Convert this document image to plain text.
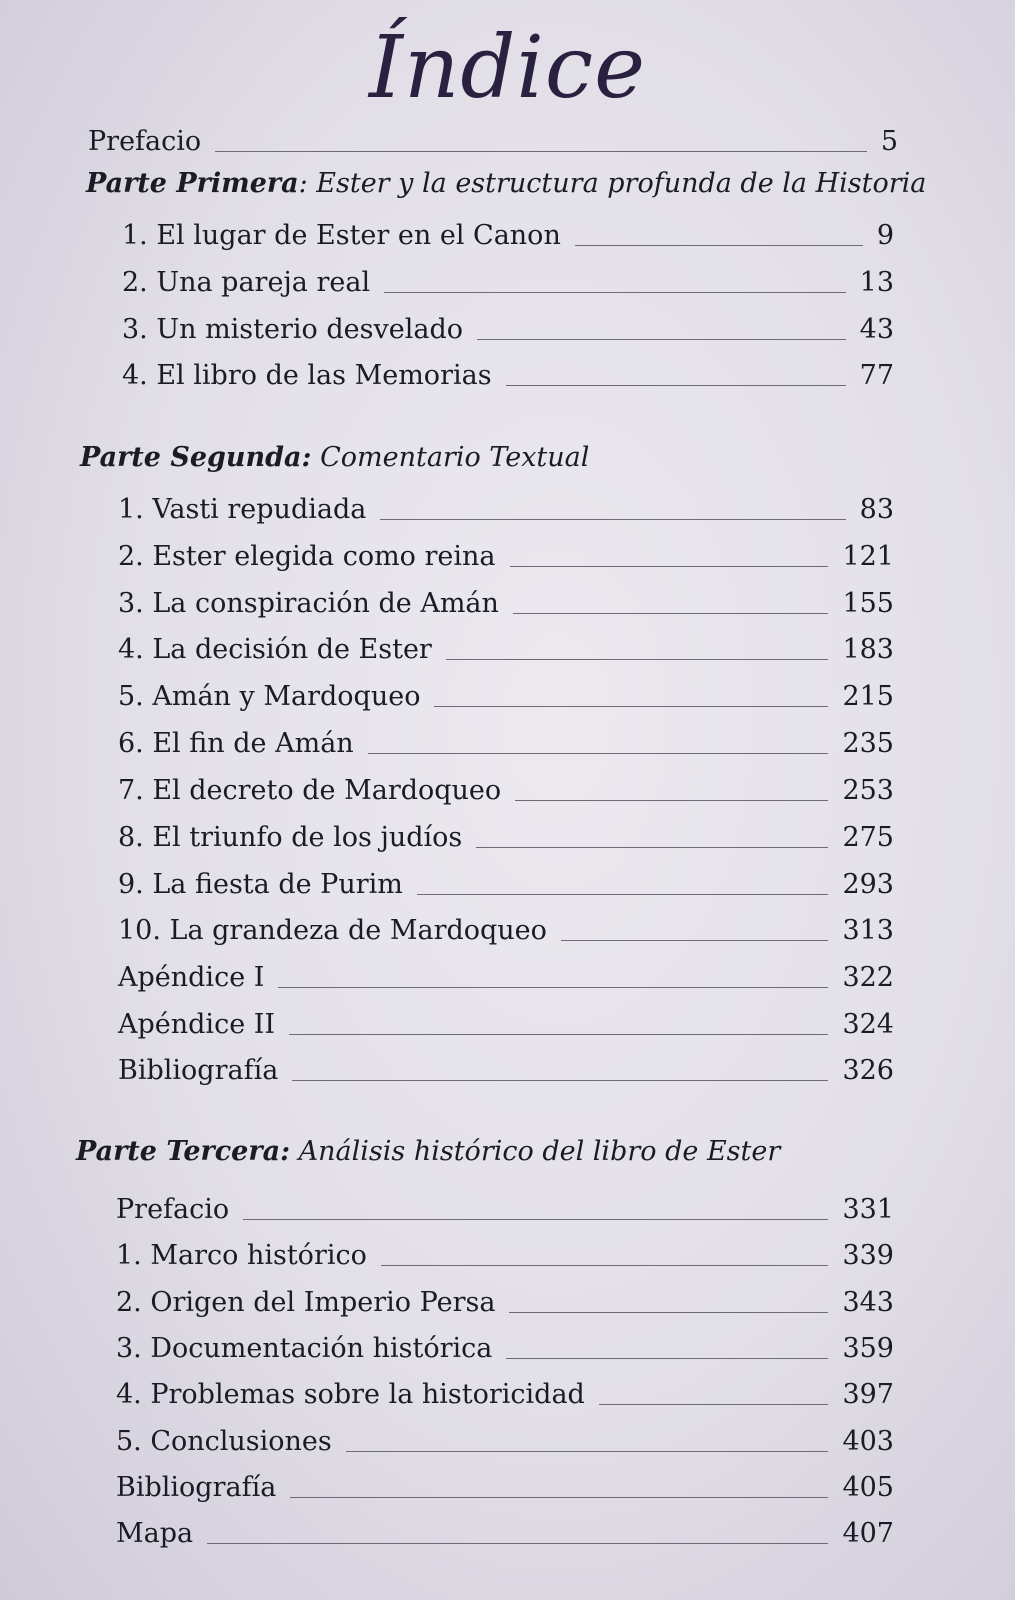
Índice
Prefacio	5
Parte Primera: Ester y la estructura profunda de la Historia
1. El lugar de Ester en el Canon	9
2. Una pareja real	13
3. Un misterio desvelado	43
4. El libro de las Memorias	77
Parte Segunda: Comentario Textual
1. Vasti repudiada	83
2. Ester elegida como reina	121
3. La conspiración de Amán	155
4. La decisión de Ester	183
5. Amán y Mardoqueo	215
6. El fin de Amán	235
7. El decreto de Mardoqueo	253
8. El triunfo de los judíos	275
9. La fiesta de Purim	293
10. La grandeza de Mardoqueo	313
Apéndice I	322
Apéndice II	324
Bibliografía	326
Parte Tercera: Análisis histórico del libro de Ester
Prefacio	331
1. Marco histórico	339
2. Origen del Imperio Persa	343
3. Documentación histórica	359
4. Problemas sobre la historicidad	397
5. Conclusiones	403
Bibliografía	405
Mapa	407
